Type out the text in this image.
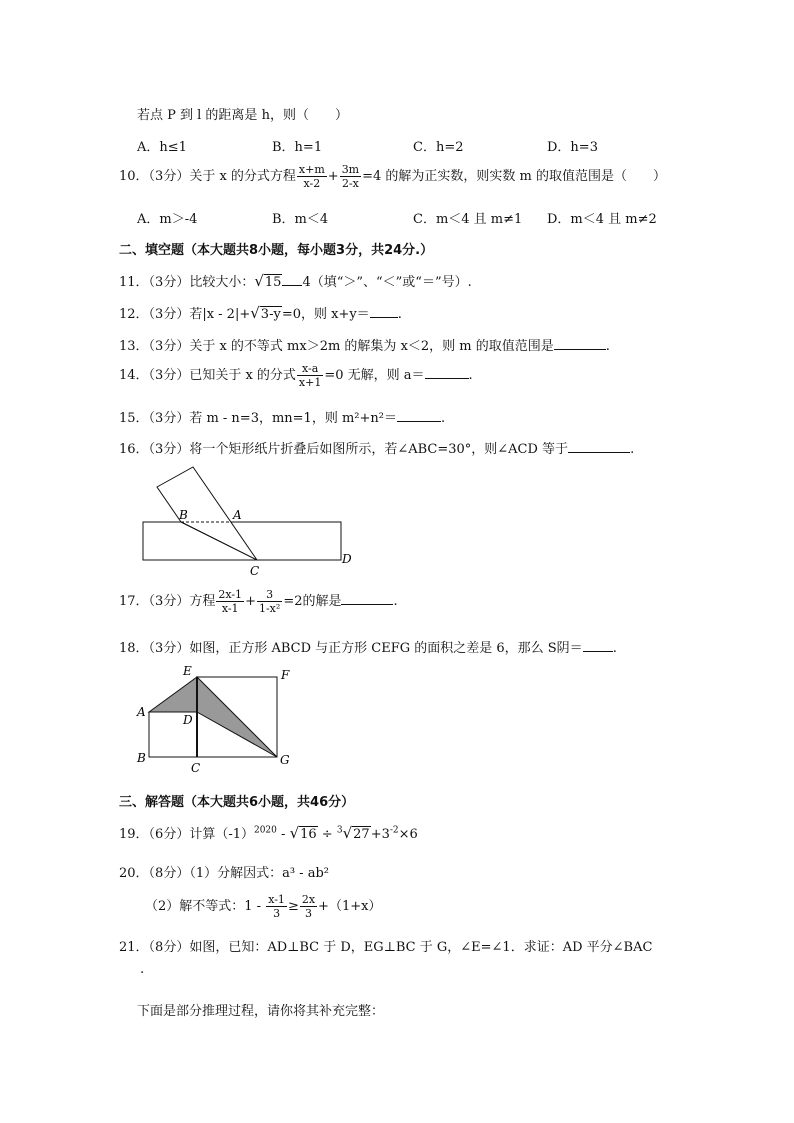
若点 P 到 l 的距离是 h，则（　　）
A．h≤1	B．h=1	C．h=2	D．h=3
10．（3分）关于 x 的分式方程 $\frac{x+m}{x-2} + \frac{3m}{2-x} =4$ 的解为正实数，则实数 m 的取值范围是（　　）
A．m＞-4	B．m＜4	C．m＜4 且 m≠1 D．m＜4 且 m≠2
二、填空题（本大题共8小题，每小题3分，共24分.）
11．（3分）比较大小：√15 4（填“＞”、“＜”或“＝”号）.
12．（3分）若|x - 2|+√3-y=0，则 x+y＝ .
13．（3分）关于 x 的不等式 mx＞2m 的解集为 x＜2，则 m 的取值范围是	.
14．（3分）已知关于 x 的分式 $\frac{x-a}{x+1} =0$ 无解，则 a＝	.
15．（3分）若 m - n=3，mn=1，则 m²+n²＝	.
16．（3分）将一个矩形纸片折叠后如图所示，若∠ABC=30°，则∠ACD 等于	.
B	A
C
D
17．（3分）方程 $\frac{2x-1}{x-1} + \frac{3}{\text{1-x²}} =2$的解是	.
18．（3分）如图，正方形 ABCD 与正方形 CEFG 的面积之差是 6，那么 S阴＝ .
E	F
A
D
B
C
G
三、解答题（本大题共6小题，共46分）
19．（6分）计算$(-1)^{2020} - √16 \div ^3√27+3^{-2}\times 6$
20．（8分）（1）分解因式：a³ - ab²
（2）解不等式：$1 - \frac{x-1}{3} \ge \frac{2x}{3} +(1+x)$
21．（8分）如图，已知：AD⊥BC 于 D，EG⊥BC 于 G，∠E=∠1．求证：AD 平分∠BAC
.
下面是部分推理过程，请你将其补充完整：
